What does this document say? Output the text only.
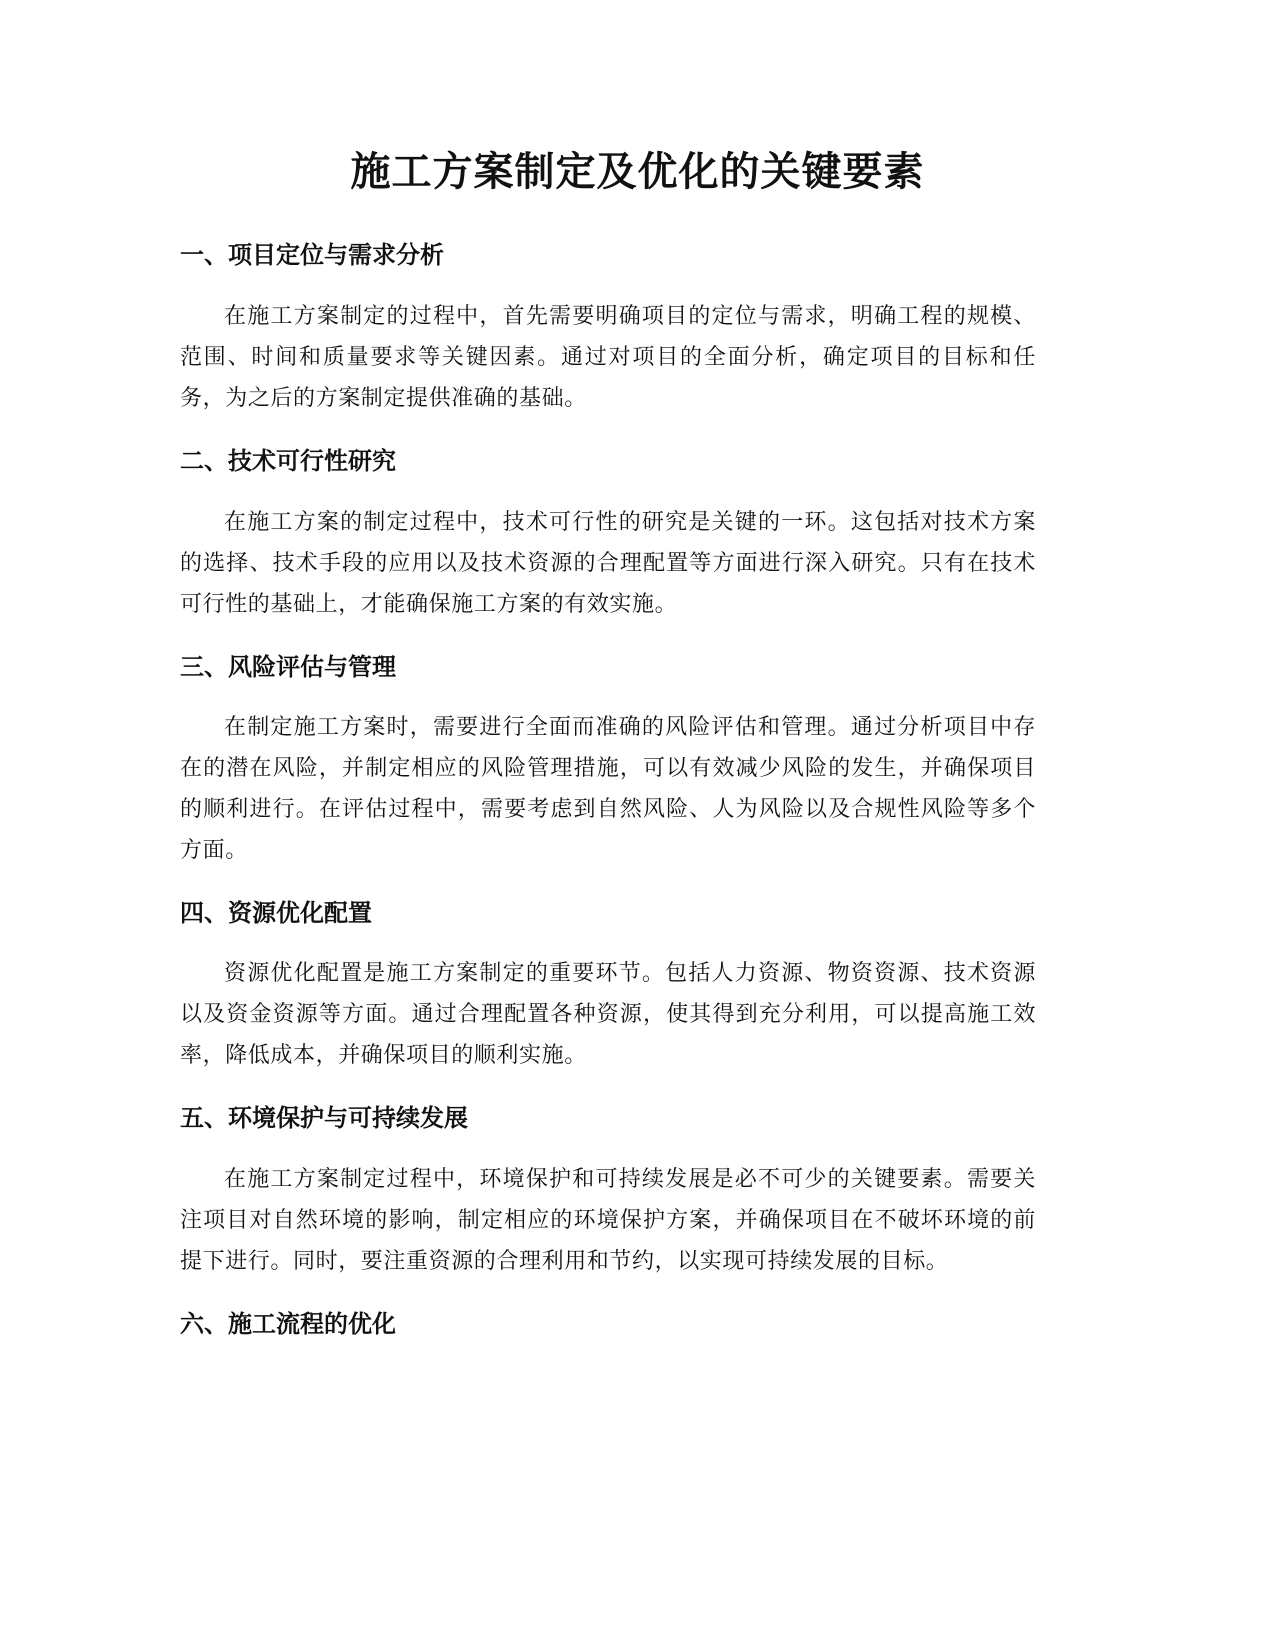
施工方案制定及优化的关键要素
一、项目定位与需求分析

在施工方案制定的过程中，首先需要明确项目的定位与需求，明确工程的规模、范围、时间和质量要求等关键因素。通过对项目的全面分析，确定项目的目标和任务，为之后的方案制定提供准确的基础。

二、技术可行性研究

在施工方案的制定过程中，技术可行性的研究是关键的一环。这包括对技术方案的选择、技术手段的应用以及技术资源的合理配置等方面进行深入研究。只有在技术可行性的基础上，才能确保施工方案的有效实施。

三、风险评估与管理

在制定施工方案时，需要进行全面而准确的风险评估和管理。通过分析项目中存在的潜在风险，并制定相应的风险管理措施，可以有效减少风险的发生，并确保项目的顺利进行。在评估过程中，需要考虑到自然风险、人为风险以及合规性风险等多个方面。

四、资源优化配置

资源优化配置是施工方案制定的重要环节。包括人力资源、物资资源、技术资源以及资金资源等方面。通过合理配置各种资源，使其得到充分利用，可以提高施工效率，降低成本，并确保项目的顺利实施。

五、环境保护与可持续发展

在施工方案制定过程中，环境保护和可持续发展是必不可少的关键要素。需要关注项目对自然环境的影响，制定相应的环境保护方案，并确保项目在不破坏环境的前提下进行。同时，要注重资源的合理利用和节约，以实现可持续发展的目标。

六、施工流程的优化
